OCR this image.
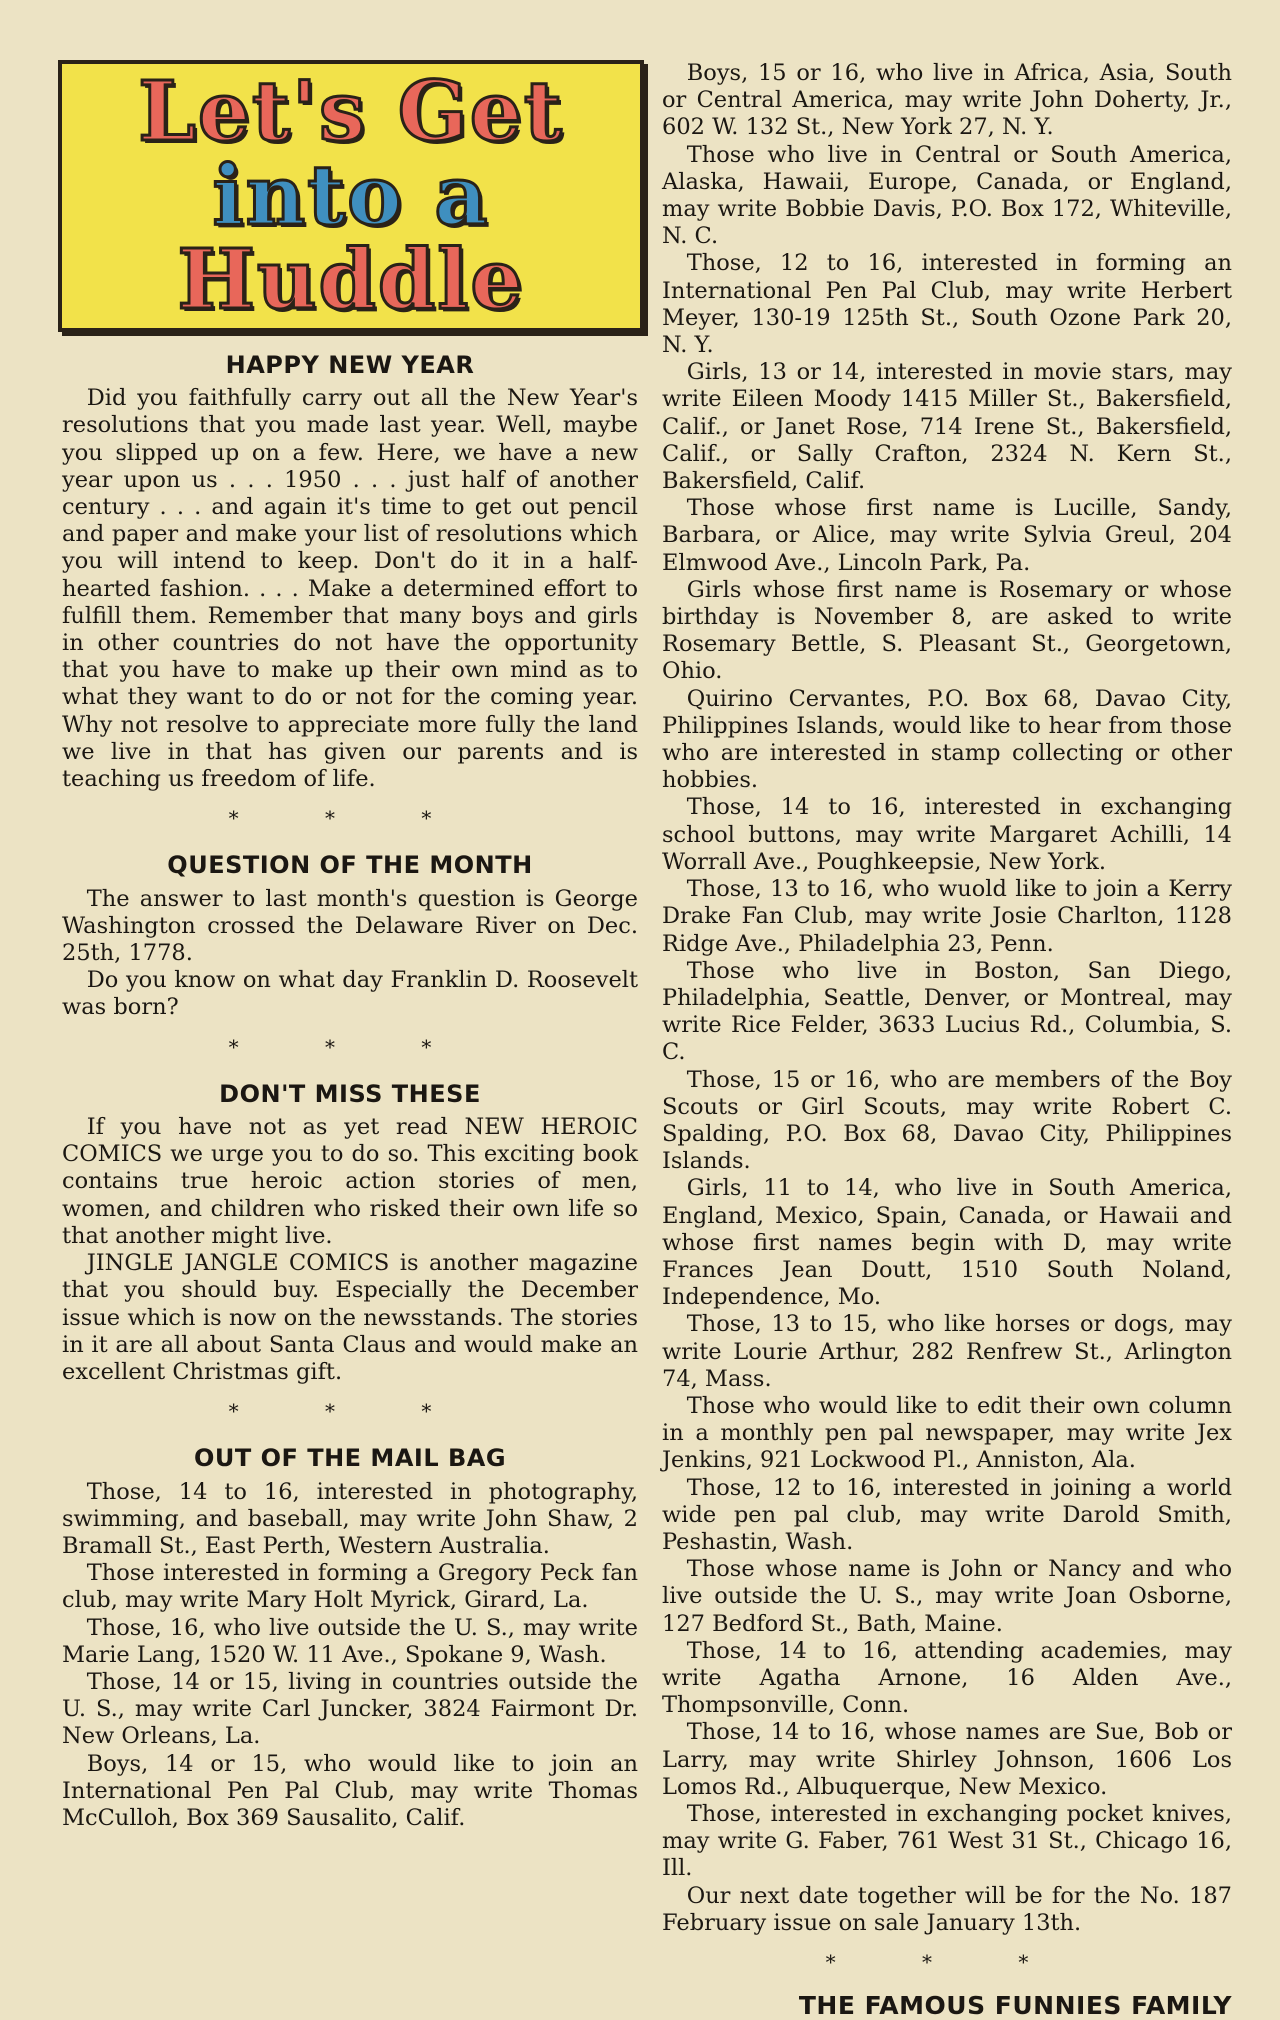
Let's Get
into a
Huddle
HAPPY NEW YEAR

Did you faithfully carry out all the New Year's resolutions that you made last year. Well, maybe you slipped up on a few. Here, we have a new year upon us . . . 1950 . . . just half of another century . . . and again it's time to get out pencil and paper and make your list of resolutions which you will intend to keep. Don't do it in a half-hearted fashion. . . . Make a determined effort to fulfill them. Remember that many boys and girls in other countries do not have the opportunity that you have to make up their own mind as to what they want to do or not for the coming year. Why not resolve to appreciate more fully the land we live in that has given our parents and is teaching us freedom of life.

* * *
QUESTION OF THE MONTH

The answer to last month's question is George Washington crossed the Delaware River on Dec. 25th, 1778.

Do you know on what day Franklin D. Roosevelt was born?

* * *
DON'T MISS THESE

If you have not as yet read NEW HEROIC COMICS we urge you to do so. This exciting book contains true heroic action stories of men, women, and children who risked their own life so that another might live.

JINGLE JANGLE COMICS is another magazine that you should buy. Especially the December issue which is now on the newsstands. The stories in it are all about Santa Claus and would make an excellent Christmas gift.

* * *
OUT OF THE MAIL BAG

Those, 14 to 16, interested in photography, swimming, and baseball, may write John Shaw, 2 Bramall St., East Perth, Western Australia.

Those interested in forming a Gregory Peck fan club, may write Mary Holt Myrick, Girard, La.

Those, 16, who live outside the U. S., may write Marie Lang, 1520 W. 11 Ave., Spokane 9, Wash.

Those, 14 or 15, living in countries outside the U. S., may write Carl Juncker, 3824 Fairmont Dr. New Orleans, La.

Boys, 14 or 15, who would like to join an International Pen Pal Club, may write Thomas McCulloh, Box 369 Sausalito, Calif.

Boys, 15 or 16, who live in Africa, Asia, South or Central America, may write John Doherty, Jr., 602 W. 132 St., New York 27, N. Y.

Those who live in Central or South America, Alaska, Hawaii, Europe, Canada, or England, may write Bobbie Davis, P.O. Box 172, Whiteville, N. C.

Those, 12 to 16, interested in forming an International Pen Pal Club, may write Herbert Meyer, 130-19 125th St., South Ozone Park 20, N. Y.

Girls, 13 or 14, interested in movie stars, may write Eileen Moody 1415 Miller St., Bakersfield, Calif., or Janet Rose, 714 Irene St., Bakersfield, Calif., or Sally Crafton, 2324 N. Kern St., Bakersfield, Calif.

Those whose first name is Lucille, Sandy, Barbara, or Alice, may write Sylvia Greul, 204 Elmwood Ave., Lincoln Park, Pa.

Girls whose first name is Rosemary or whose birthday is November 8, are asked to write Rosemary Bettle, S. Pleasant St., Georgetown, Ohio.

Quirino Cervantes, P.O. Box 68, Davao City, Philippines Islands, would like to hear from those who are interested in stamp collecting or other hobbies.

Those, 14 to 16, interested in exchanging school buttons, may write Margaret Achilli, 14 Worrall Ave., Poughkeepsie, New York.

Those, 13 to 16, who wuold like to join a Kerry Drake Fan Club, may write Josie Charlton, 1128 Ridge Ave., Philadelphia 23, Penn.

Those who live in Boston, San Diego, Philadelphia, Seattle, Denver, or Montreal, may write Rice Felder, 3633 Lucius Rd., Columbia, S. C.

Those, 15 or 16, who are members of the Boy Scouts or Girl Scouts, may write Robert C. Spalding, P.O. Box 68, Davao City, Philippines Islands.

Girls, 11 to 14, who live in South America, England, Mexico, Spain, Canada, or Hawaii and whose first names begin with D, may write Frances Jean Doutt, 1510 South Noland, Independence, Mo.

Those, 13 to 15, who like horses or dogs, may write Lourie Arthur, 282 Renfrew St., Arlington 74, Mass.

Those who would like to edit their own column in a monthly pen pal newspaper, may write Jex Jenkins, 921 Lockwood Pl., Anniston, Ala.

Those, 12 to 16, interested in joining a world wide pen pal club, may write Darold Smith, Peshastin, Wash.

Those whose name is John or Nancy and who live outside the U. S., may write Joan Osborne, 127 Bedford St., Bath, Maine.

Those, 14 to 16, attending academies, may write Agatha Arnone, 16 Alden Ave., Thompsonville, Conn.

Those, 14 to 16, whose names are Sue, Bob or Larry, may write Shirley Johnson, 1606 Los Lomos Rd., Albuquerque, New Mexico.

Those, interested in exchanging pocket knives, may write G. Faber, 761 West 31 St., Chicago 16, Ill.

Our next date together will be for the No. 187 February issue on sale January 13th.

* * *
THE FAMOUS FUNNIES FAMILY
